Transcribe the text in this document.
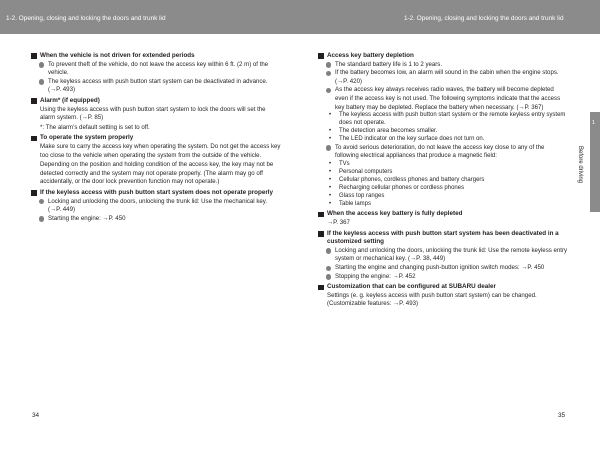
1-2. Opening, closing and locking the doors and trunk lid	1-2. Opening, closing and locking the doors and trunk lid
When the vehicle is not driven for extended periods
To prevent theft of the vehicle, do not leave the access key within 6 ft. (2 m) of the vehicle.
The keyless access with push button start system can be deactivated in advance. (→P. 493)
Alarm* (if equipped)

Using the keyless access with push button start system to lock the doors will set the alarm system. (→P. 85)

*: The alarm’s default setting is set to off.

To operate the system properly

Make sure to carry the access key when operating the system. Do not get the access key too close to the vehicle when operating the system from the outside of the vehicle.

Depending on the position and holding condition of the access key, the key may not be detected correctly and the system may not operate properly. (The alarm may go off accidentally, or the door lock prevention function may not operate.)

If the keyless access with push button start system does not operate properly
Locking and unlocking the doors, unlocking the trunk lid: Use the mechanical key. (→P. 449)
Starting the engine: →P. 450
Access key battery depletion
The standard battery life is 1 to 2 years.
If the battery becomes low, an alarm will sound in the cabin when the engine stops. (→P. 420)
As the access key always receives radio waves, the battery will become depleted even if the access key is not used. The following symptoms indicate that the access key battery may be depleted. Replace the battery when necessary. (→P. 367)
• The keyless access with push button start system or the remote keyless entry system does not operate.
• The detection area becomes smaller.
• The LED indicator on the key surface does not turn on.
To avoid serious deterioration, do not leave the access key close to any of the following electrical appliances that produce a magnetic field:
• TVs
• Personal computers
• Cellular phones, cordless phones and battery chargers
• Recharging cellular phones or cordless phones
• Glass top ranges
• Table lamps
When the access key battery is fully depleted

→P. 367

If the keyless access with push button start system has been deactivated in a customized setting
Locking and unlocking the doors, unlocking the trunk lid: Use the remote keyless entry system or mechanical key. (→P. 38, 449)
Starting the engine and changing push-button ignition switch modes: →P. 450
Stopping the engine: →P. 452
Customization that can be configured at SUBARU dealer

Settings (e. g. keyless access with push button start system) can be changed. (Customizable features: →P. 493)

1
Before driving
34	35
